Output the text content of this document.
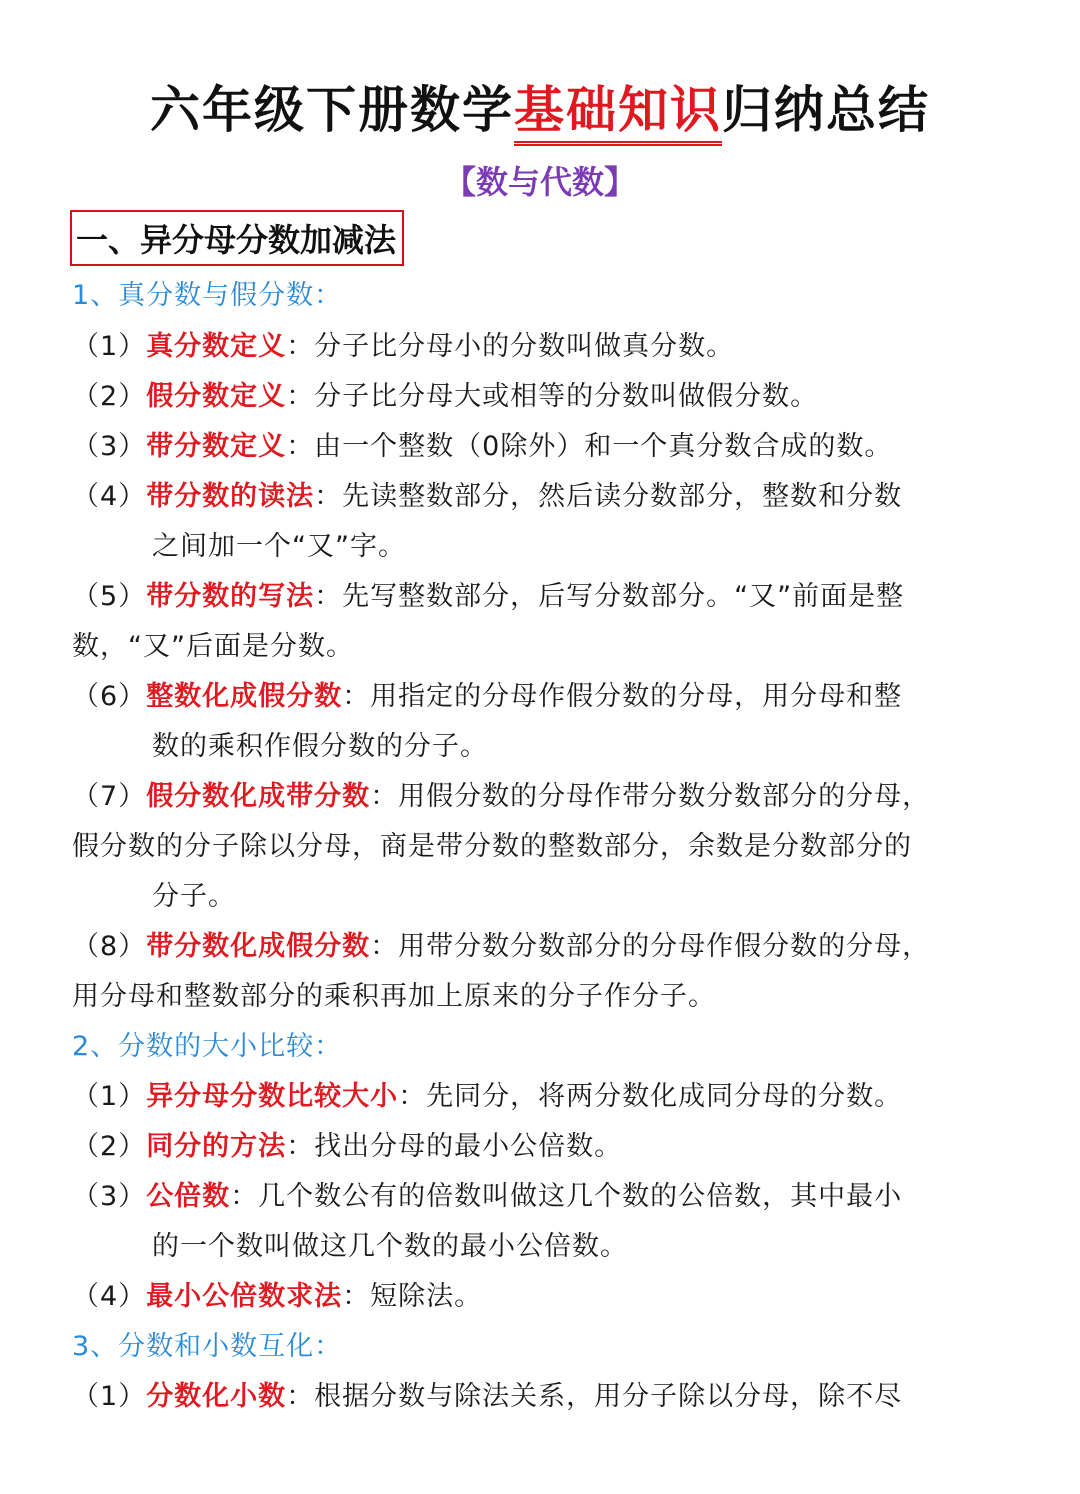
六年级下册数学基础知识归纳总结
【数与代数】
一、异分母分数加减法
1、真分数与假分数：
（1）真分数定义：分子比分母小的分数叫做真分数。
（2）假分数定义：分子比分母大或相等的分数叫做假分数。
（3）带分数定义：由一个整数（0除外）和一个真分数合成的数。
（4）带分数的读法：先读整数部分，然后读分数部分，整数和分数
之间加一个“又”字。
（5）带分数的写法：先写整数部分，后写分数部分。“又”前面是整
数，“又”后面是分数。
（6）整数化成假分数：用指定的分母作假分数的分母，用分母和整
数的乘积作假分数的分子。
（7）假分数化成带分数：用假分数的分母作带分数分数部分的分母，
假分数的分子除以分母，商是带分数的整数部分，余数是分数部分的
分子。
（8）带分数化成假分数：用带分数分数部分的分母作假分数的分母，
用分母和整数部分的乘积再加上原来的分子作分子。
2、分数的大小比较：
（1）异分母分数比较大小：先同分，将两分数化成同分母的分数。
（2）同分的方法：找出分母的最小公倍数。
（3）公倍数：几个数公有的倍数叫做这几个数的公倍数，其中最小
的一个数叫做这几个数的最小公倍数。
（4）最小公倍数求法：短除法。
3、分数和小数互化：
（1）分数化小数：根据分数与除法关系，用分子除以分母，除不尽
